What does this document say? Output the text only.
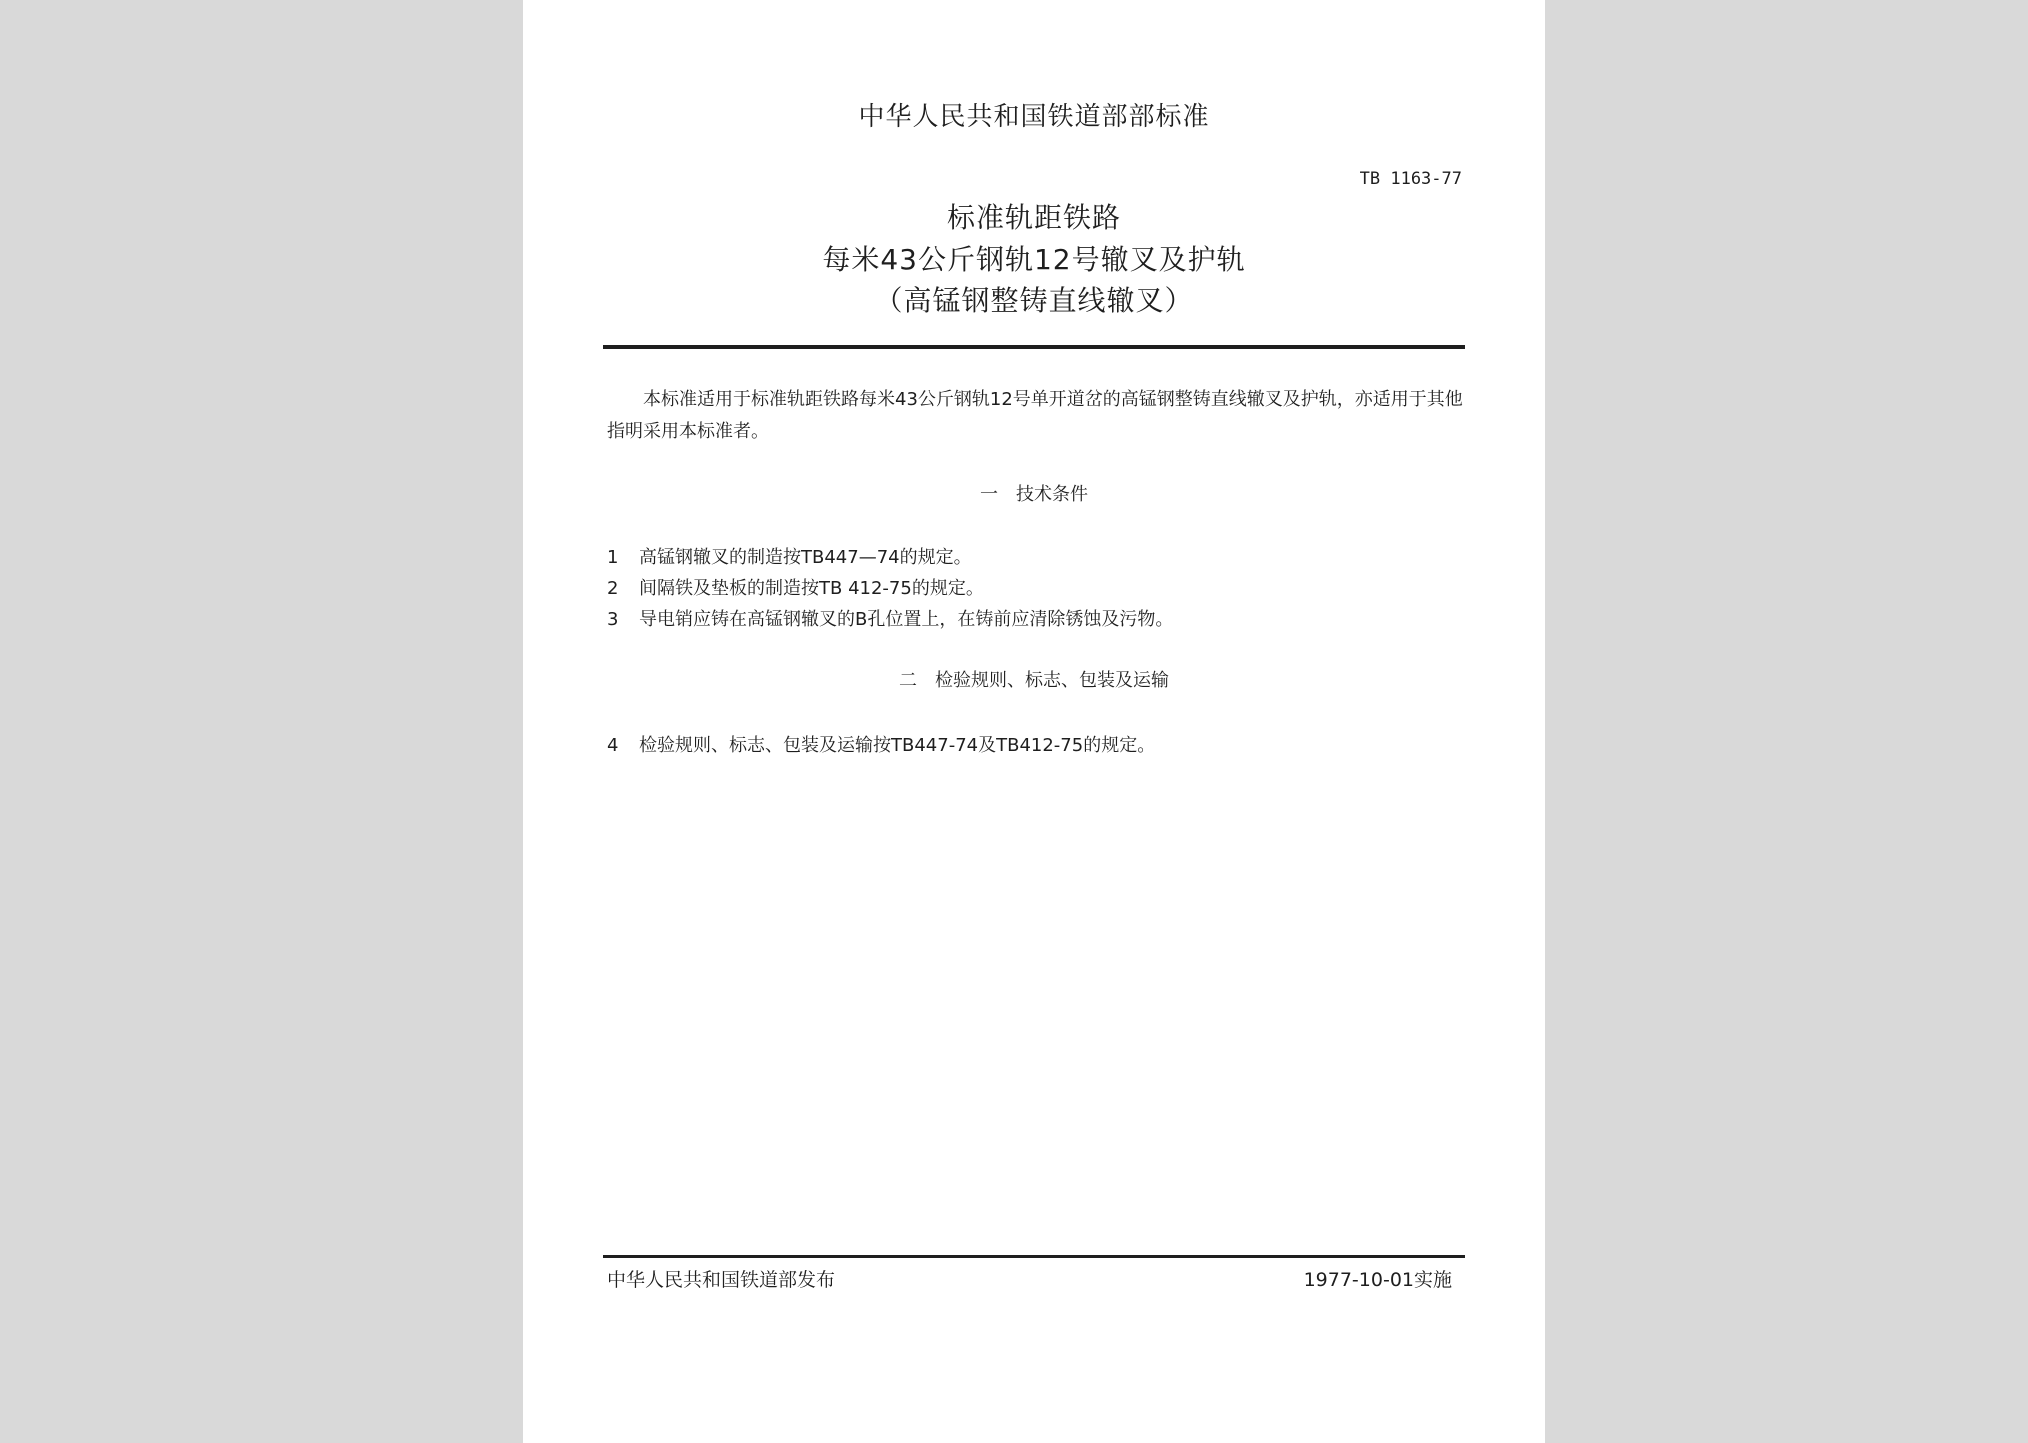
中华人民共和国铁道部部标准
TB 1163-77
标准轨距铁路
每米43公斤钢轨12号辙叉及护轨
（高锰钢整铸直线辙叉）
本标准适用于标准轨距铁路每米43公斤钢轨12号单开道岔的高锰钢整铸直线辙叉及护轨，亦适用于其他指明采用本标准者。
一　技术条件
1 高锰钢辙叉的制造按TB447—74的规定。
2 间隔铁及垫板的制造按TB 412-75的规定。
3 导电销应铸在高锰钢辙叉的B孔位置上，在铸前应清除锈蚀及污物。
二　检验规则、标志、包装及运输
4 检验规则、标志、包装及运输按TB447-74及TB412-75的规定。
中华人民共和国铁道部发布	1977-10-01实施
